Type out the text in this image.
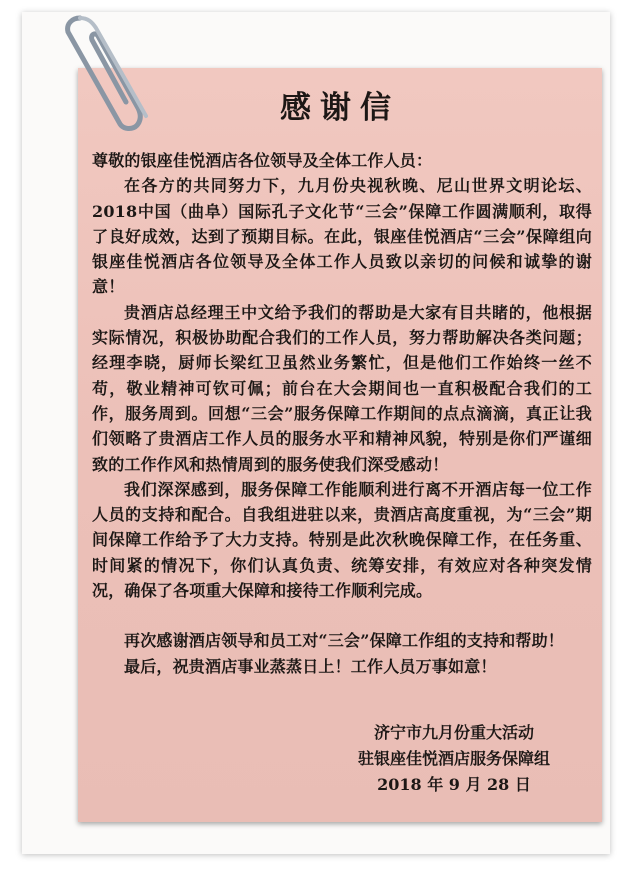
感谢信

尊敬的银座佳悦酒店各位领导及全体工作人员：

在各方的共同努力下，九月份央视秋晚、尼山世界文明论坛、2018中国（曲阜）国际孔子文化节“三会”保障工作圆满顺利，取得了良好成效，达到了预期目标。在此，银座佳悦酒店“三会”保障组向银座佳悦酒店各位领导及全体工作人员致以亲切的问候和诚挚的谢意！

贵酒店总经理王中文给予我们的帮助是大家有目共睹的，他根据实际情况，积极协助配合我们的工作人员，努力帮助解决各类问题；经理李晓，厨师长梁红卫虽然业务繁忙，但是他们工作始终一丝不苟，敬业精神可钦可佩；前台在大会期间也一直积极配合我们的工作，服务周到。回想“三会”服务保障工作期间的点点滴滴，真正让我们领略了贵酒店工作人员的服务水平和精神风貌，特别是你们严谨细致的工作作风和热情周到的服务使我们深受感动！

我们深深感到，服务保障工作能顺利进行离不开酒店每一位工作人员的支持和配合。自我组进驻以来，贵酒店高度重视，为“三会”期间保障工作给予了大力支持。特别是此次秋晚保障工作，在任务重、时间紧的情况下，你们认真负责、统筹安排，有效应对各种突发情况，确保了各项重大保障和接待工作顺利完成。

再次感谢酒店领导和员工对“三会”保障工作组的支持和帮助！

最后，祝贵酒店事业蒸蒸日上！工作人员万事如意！

济宁市九月份重大活动
驻银座佳悦酒店服务保障组
2018 年 9 月 28 日
